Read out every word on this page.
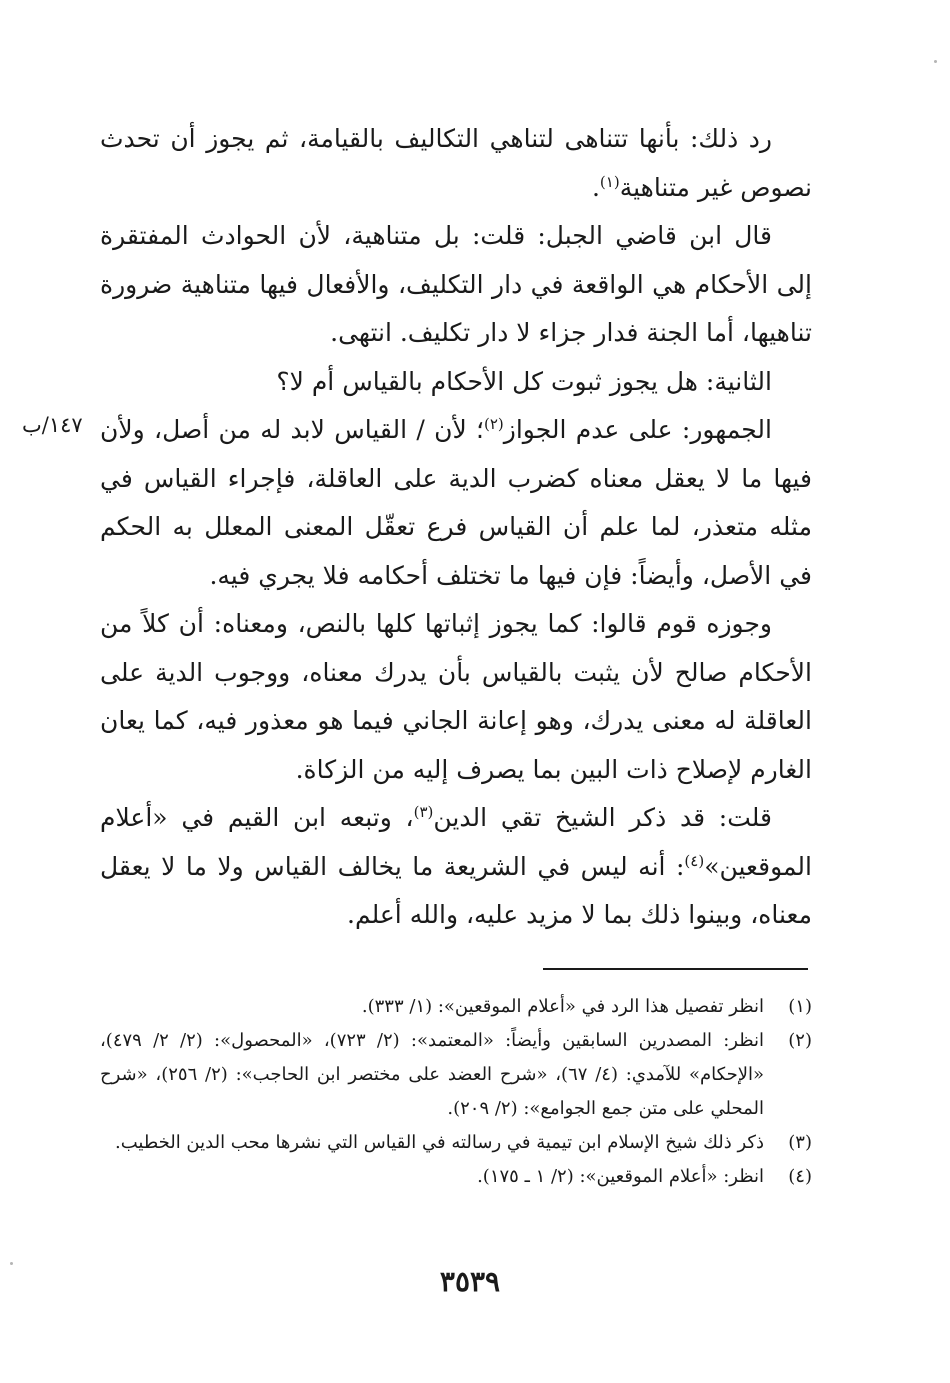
رد ذلك: بأنها تتناهى لتناهي التكاليف بالقيامة، ثم يجوز أن تحدث نصوص غير متناهية$^{(١)}$.

قال ابن قاضي الجبل: قلت: بل متناهية، لأن الحوادث المفتقرة إلى الأحكام هي الواقعة في دار التكليف، والأفعال فيها متناهية ضرورة تناهيها، أما الجنة فدار جزاء لا دار تكليف. انتهى.

الثانية: هل يجوز ثبوت كل الأحكام بالقياس أم لا؟

الجمهور: على عدم الجواز$^{(٢)}$؛ لأن / القياس لابد له من أصل، ولأن فيها ما لا يعقل معناه كضرب الدية على العاقلة، فإجراء القياس في مثله متعذر، لما علم أن القياس فرع تعقّل المعنى المعلل به الحكم في الأصل، وأيضاً: فإن فيها ما تختلف أحكامه فلا يجري فيه.

وجوزه قوم قالوا: كما يجوز إثباتها كلها بالنص، ومعناه: أن كلاً من الأحكام صالح لأن يثبت بالقياس بأن يدرك معناه، ووجوب الدية على العاقلة له معنى يدرك، وهو إعانة الجاني فيما هو معذور فيه، كما يعان الغارم لإصلاح ذات البين بما يصرف إليه من الزكاة.

قلت: قد ذكر الشيخ تقي الدين$^{(٣)}$، وتبعه ابن القيم في «أعلام الموقعين»$^{(٤)}$: أنه ليس في الشريعة ما يخالف القياس ولا ما لا يعقل معناه، وبينوا ذلك بما لا مزيد عليه، والله أعلم.

١٤٧/ب
(١)
انظر تفصيل هذا الرد في «أعلام الموقعين»: (١/ ٣٣٣).
(٢)
انظر: المصدرين السابقين وأيضاً: «المعتمد»: (٢/ ٧٢٣)، «المحصول»: (٢/ ٢/ ٤٧٩)، «الإحكام» للآمدي: (٤/ ٦٧)، «شرح العضد على مختصر ابن الحاجب»: (٢/ ٢٥٦)، «شرح المحلي على متن جمع الجوامع»: (٢/ ٢٠٩).
(٣)
ذكر ذلك شيخ الإسلام ابن تيمية في رسالته في القياس التي نشرها محب الدين الخطيب.
(٤)
انظر: «أعلام الموقعين»: (٢/ ١ ـ ١٧٥).
٣٥٣٩
